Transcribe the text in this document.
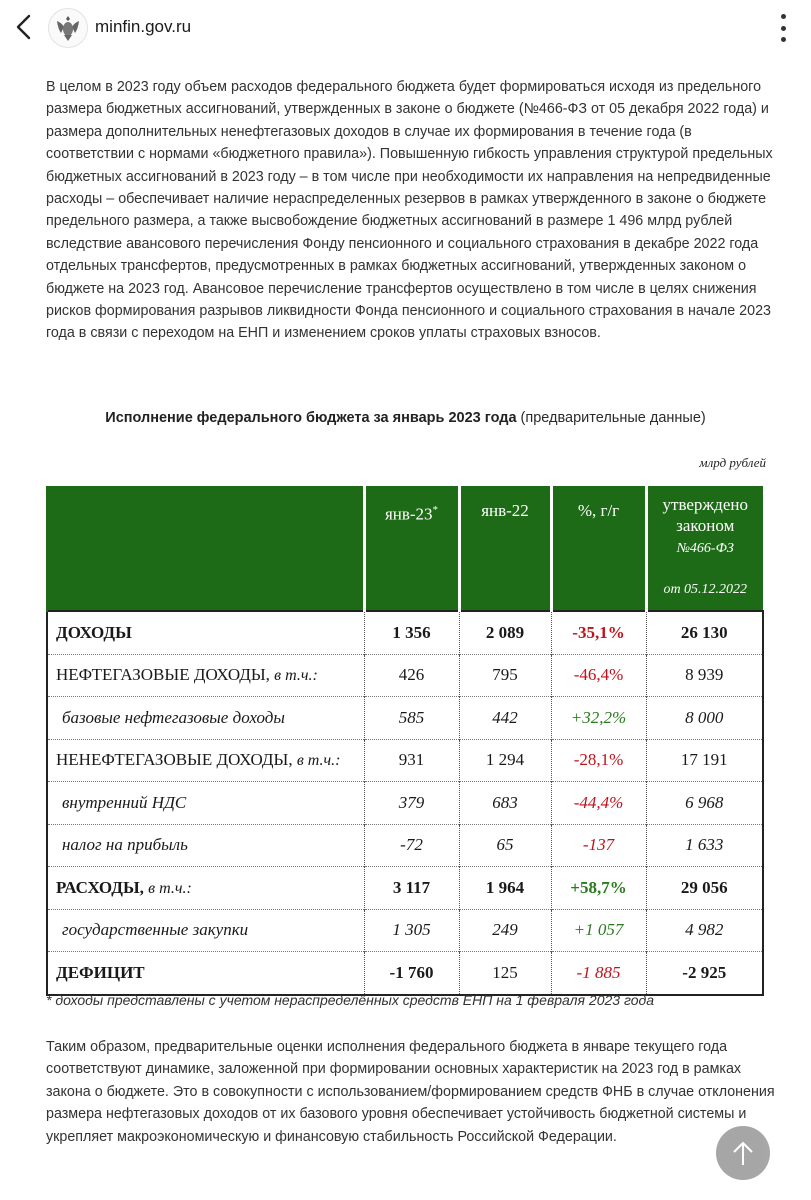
minfin.gov.ru

В целом в 2023 году объем расходов федерального бюджета будет формироваться исходя из предельного размера бюджетных ассигнований, утвержденных в законе о бюджете (№466-ФЗ от 05 декабря 2022 года) и размера дополнительных ненефтегазовых доходов в случае их формирования в течение года (в соответствии с нормами «бюджетного правила»). Повышенную гибкость управления структурой предельных бюджетных ассигнований в 2023 году – в том числе при необходимости их направления на непредвиденные расходы – обеспечивает наличие нераспределенных резервов в рамках утвержденного в законе о бюджете предельного размера, а также высвобождение бюджетных ассигнований в размере 1 496 млрд рублей вследствие авансового перечисления Фонду пенсионного и социального страхования в декабре 2022 года отдельных трансфертов, предусмотренных в рамках бюджетных ассигнований, утвержденных законом о бюджете на 2023 год. Авансовое перечисление трансфертов осуществлено в том числе в целях снижения рисков формирования разрывов ликвидности Фонда пенсионного и социального страхования в начале 2023 года в связи с переходом на ЕНП и изменением сроков уплаты страховых взносов.

Исполнение федерального бюджета за январь 2023 года (предварительные данные)
млрд рублей
	янв-23*	янв-22	%, г/г	утверждено законом
№466-ФЗ
от 05.12.2022

ДОХОДЫ	1 356	2 089	-35,1%	26 130
НЕФТЕГАЗОВЫЕ ДОХОДЫ, в т.ч.:	426	795	-46,4%	8 939
базовые нефтегазовые доходы	585	442	+32,2%	8 000
НЕНЕФТЕГАЗОВЫЕ ДОХОДЫ, в т.ч.:	931	1 294	-28,1%	17 191
внутренний НДС	379	683	-44,4%	6 968
налог на прибыль	-72	65	-137	1 633
РАСХОДЫ, в т.ч.:	3 117	1 964	+58,7%	29 056
государственные закупки	1 305	249	+1 057	4 982
ДЕФИЦИТ	-1 760	125	-1 885	-2 925
* доходы представлены с учетом нераспределённых средств ЕНП на 1 февраля 2023 года

Таким образом, предварительные оценки исполнения федерального бюджета в январе текущего года соответствуют динамике, заложенной при формировании основных характеристик на 2023 год в рамках закона о бюджете. Это в совокупности с использованием/формированием средств ФНБ в случае отклонения размера нефтегазовых доходов от их базового уровня обеспечивает устойчивость бюджетной системы и укрепляет макроэкономическую и финансовую стабильность Российской Федерации.
